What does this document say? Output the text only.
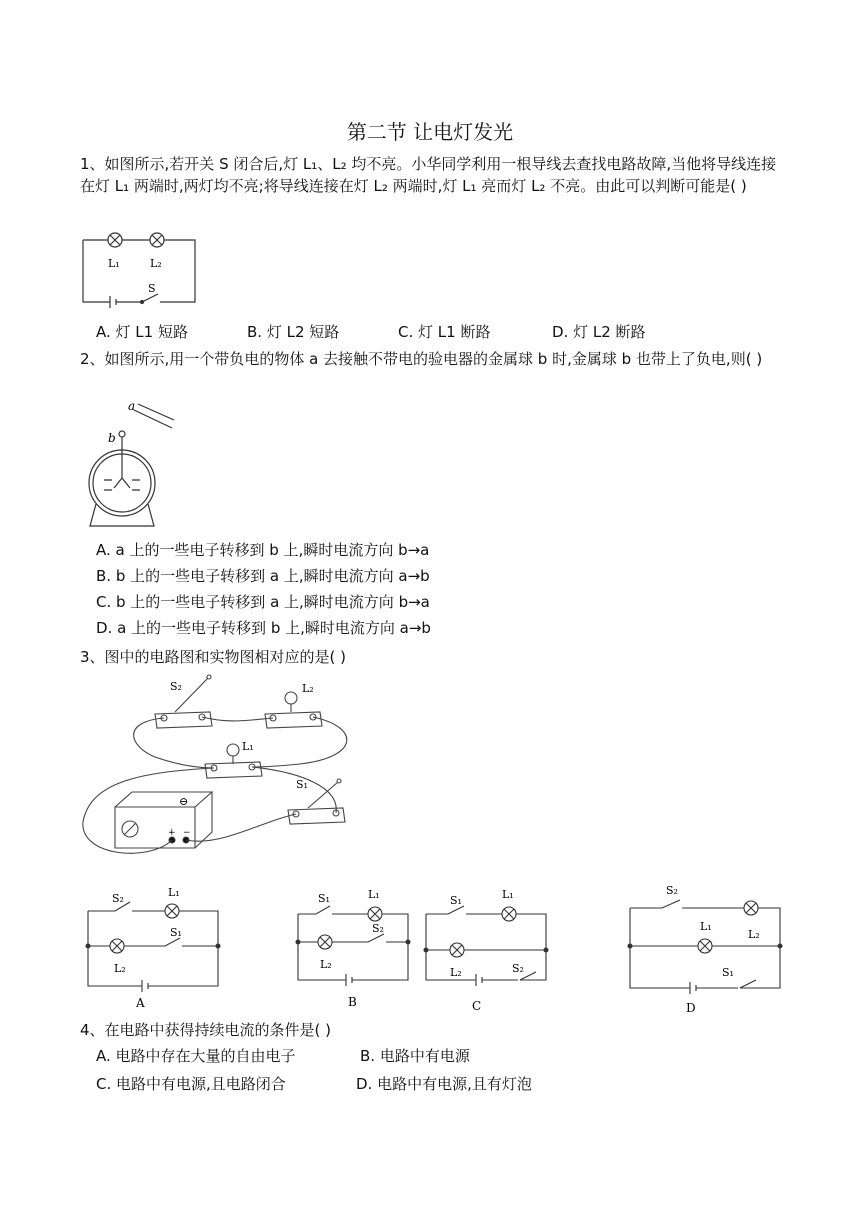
第二节 让电灯发光
1、如图所示,若开关 S 闭合后,灯 L₁、L₂ 均不亮。小华同学利用一根导线去查找电路故障,当他将导线连接在灯 L₁ 两端时,两灯均不亮;将导线连接在灯 L₂ 两端时,灯 L₁ 亮而灯 L₂ 不亮。由此可以判断可能是( )
L₁	L₂
S
A. 灯 L1 短路	B. 灯 L2 短路	C. 灯 L1 断路	D. 灯 L2 断路
2、如图所示,用一个带负电的物体 a 去接触不带电的验电器的金属球 b 时,金属球 b 也带上了负电,则( )
a
b
A. a 上的一些电子转移到 b 上,瞬时电流方向 b→a
B. b 上的一些电子转移到 a 上,瞬时电流方向 a→b
C. b 上的一些电子转移到 a 上,瞬时电流方向 b→a
D. a 上的一些电子转移到 b 上,瞬时电流方向 a→b
3、图中的电路图和实物图相对应的是( )
S₂	L₂
L₁
S₁
⊖
+ −
S₂	L₁
S₁
L₂
A
S₁	L₁
S₂
L₂
B
S₁	L₁
L₂	S₂
C
S₂
L₁
L₂
S₁
D
4、在电路中获得持续电流的条件是( )
A. 电路中存在大量的自由电子	B. 电路中有电源
C. 电路中有电源,且电路闭合	D. 电路中有电源,且有灯泡
